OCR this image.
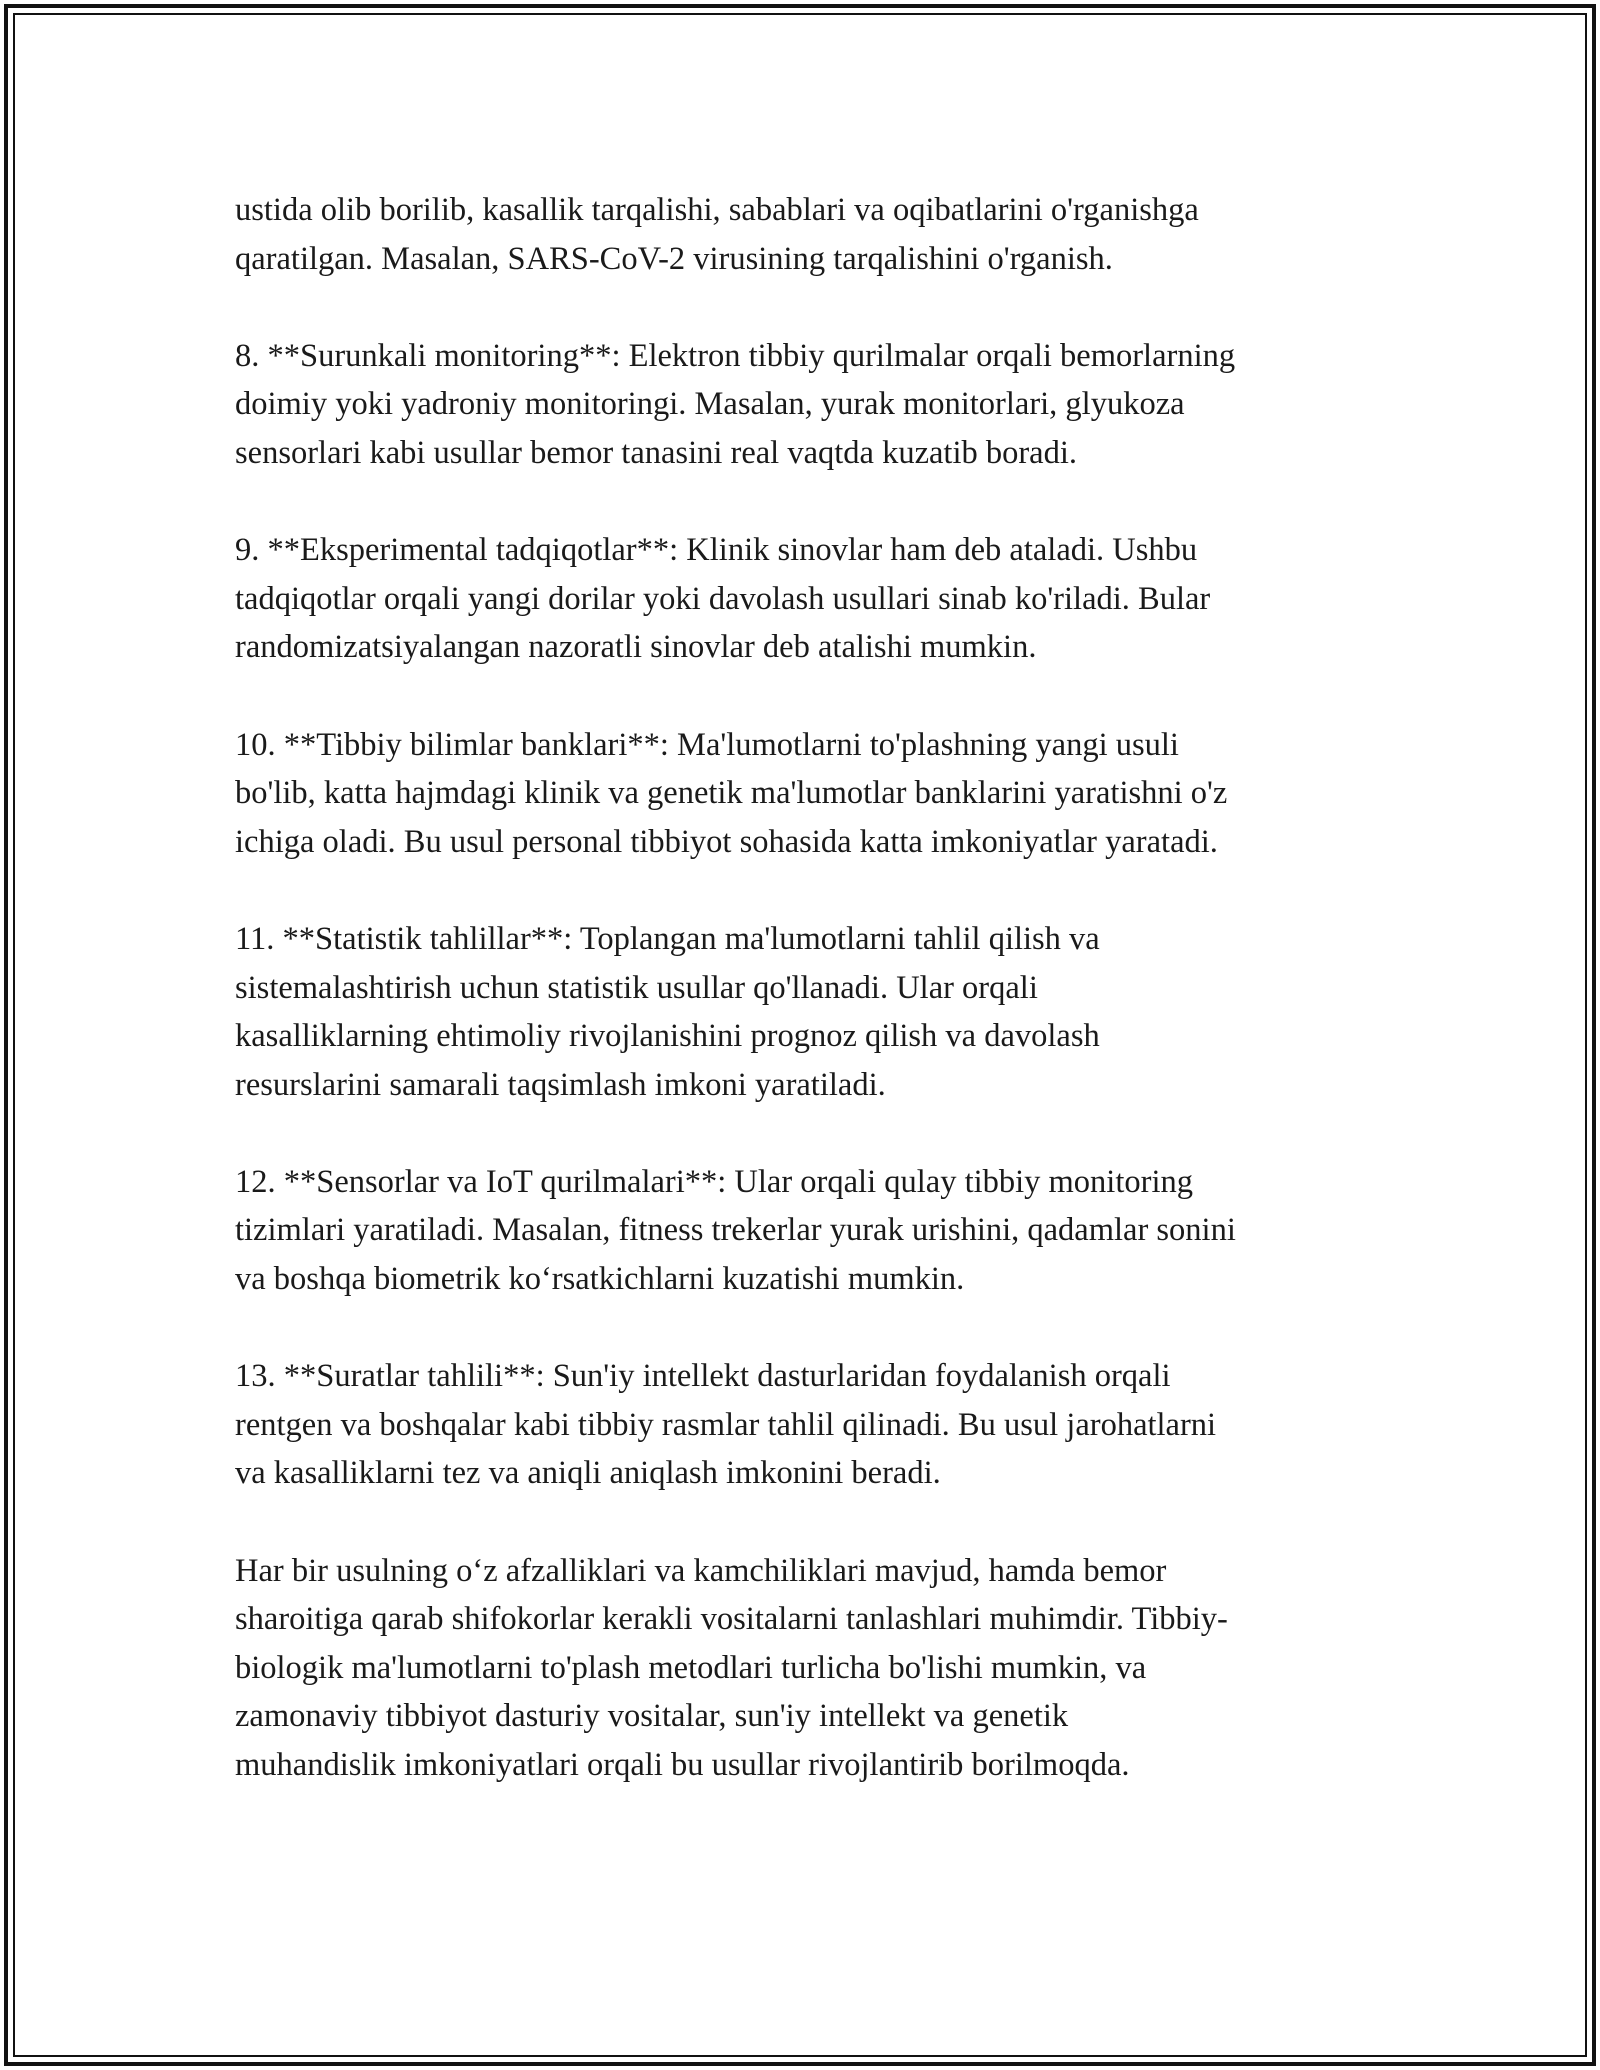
ustida olib borilib, kasallik tarqalishi, sabablari va oqibatlarini o'rganishga
qaratilgan. Masalan, SARS-CoV-2 virusining tarqalishini o'rganish.

8. **Surunkali monitoring**: Elektron tibbiy qurilmalar orqali bemorlarning
doimiy yoki yadroniy monitoringi. Masalan, yurak monitorlari, glyukoza
sensorlari kabi usullar bemor tanasini real vaqtda kuzatib boradi.

9. **Eksperimental tadqiqotlar**: Klinik sinovlar ham deb ataladi. Ushbu
tadqiqotlar orqali yangi dorilar yoki davolash usullari sinab ko'riladi. Bular
randomizatsiyalangan nazoratli sinovlar deb atalishi mumkin.

10. **Tibbiy bilimlar banklari**: Ma'lumotlarni to'plashning yangi usuli
bo'lib, katta hajmdagi klinik va genetik ma'lumotlar banklarini yaratishni o'z
ichiga oladi. Bu usul personal tibbiyot sohasida katta imkoniyatlar yaratadi.

11. **Statistik tahlillar**: Toplangan ma'lumotlarni tahlil qilish va
sistemalashtirish uchun statistik usullar qo'llanadi. Ular orqali
kasalliklarning ehtimoliy rivojlanishini prognoz qilish va davolash
resurslarini samarali taqsimlash imkoni yaratiladi.

12. **Sensorlar va IoT qurilmalari**: Ular orqali qulay tibbiy monitoring
tizimlari yaratiladi. Masalan, fitness trekerlar yurak urishini, qadamlar sonini
va boshqa biometrik ko‘rsatkichlarni kuzatishi mumkin.

13. **Suratlar tahlili**: Sun'iy intellekt dasturlaridan foydalanish orqali
rentgen va boshqalar kabi tibbiy rasmlar tahlil qilinadi. Bu usul jarohatlarni
va kasalliklarni tez va aniqli aniqlash imkonini beradi.

Har bir usulning o‘z afzalliklari va kamchiliklari mavjud, hamda bemor
sharoitiga qarab shifokorlar kerakli vositalarni tanlashlari muhimdir. Tibbiy-
biologik ma'lumotlarni to'plash metodlari turlicha bo'lishi mumkin, va
zamonaviy tibbiyot dasturiy vositalar, sun'iy intellekt va genetik
muhandislik imkoniyatlari orqali bu usullar rivojlantirib borilmoqda.
